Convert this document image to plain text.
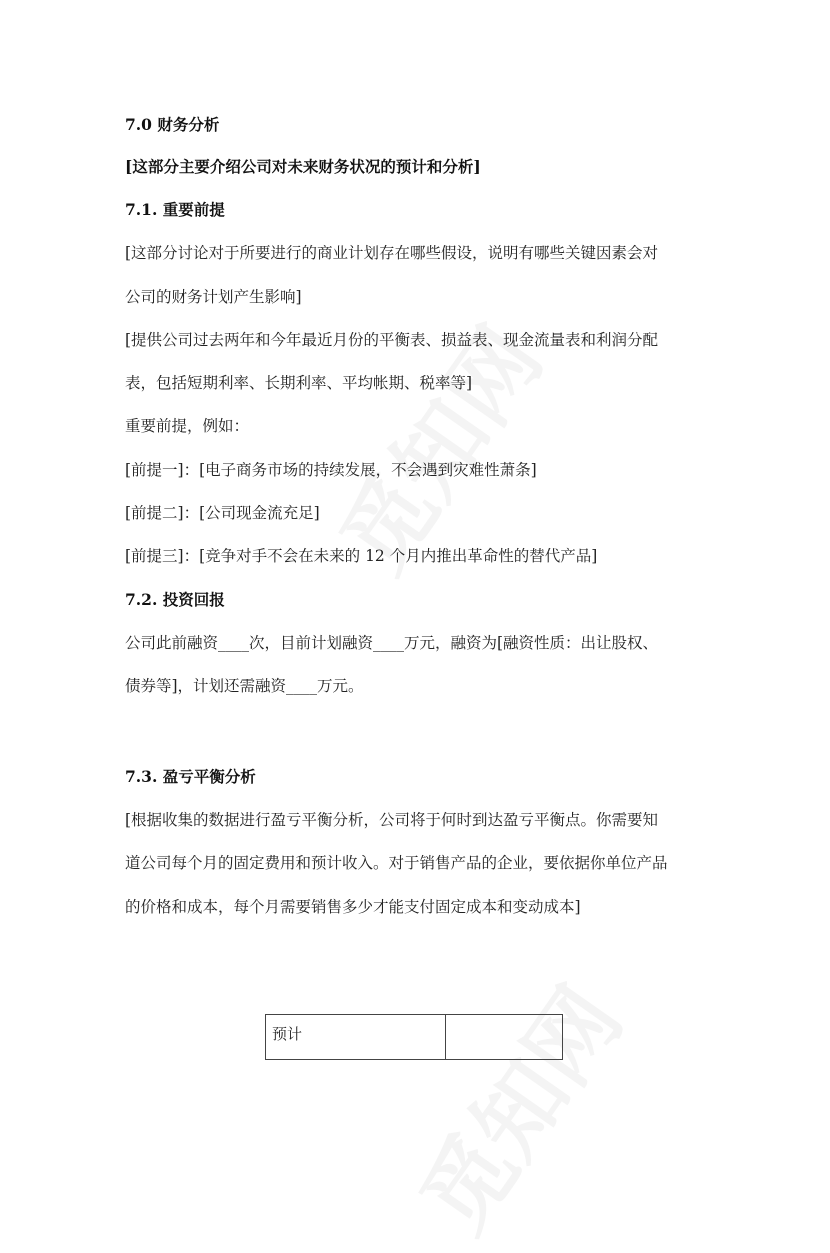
7.0 财务分析
[这部分主要介绍公司对未来财务状况的预计和分析]
7.1. 重要前提
[这部分讨论对于所要进行的商业计划存在哪些假设，说明有哪些关键因素会对
公司的财务计划产生影响]
[提供公司过去两年和今年最近月份的平衡表、损益表、现金流量表和利润分配
表，包括短期利率、长期利率、平均帐期、税率等]
重要前提，例如：
[前提一]：[电子商务市场的持续发展，不会遇到灾难性萧条]
[前提二]：[公司现金流充足]
[前提三]：[竞争对手不会在未来的 12 个月内推出革命性的替代产品]
7.2. 投资回报
公司此前融资____次，目前计划融资____万元，融资为[融资性质：出让股权、
债券等]，计划还需融资____万元。
7.3. 盈亏平衡分析
[根据收集的数据进行盈亏平衡分析，公司将于何时到达盈亏平衡点。你需要知
道公司每个月的固定费用和预计收入。对于销售产品的企业，要依据你单位产品
的价格和成本，每个月需要销售多少才能支付固定成本和变动成本]
预计	
